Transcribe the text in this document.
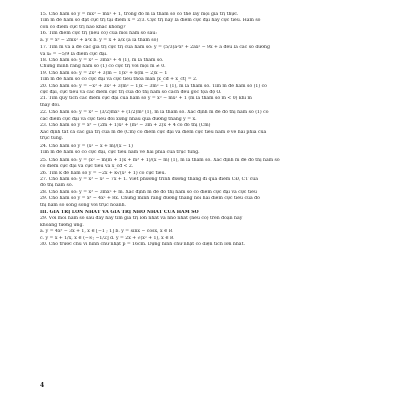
15. Cho hàm số y = mx³ − mx² + 1, trong đó m là tham số có thể lấy mọi giá trị thực.
Tìm m để hàm số đạt cực trị tại điểm x = 2/3. Cực trị này là điểm cực đại hay cực tiểu. Hàm số
còn có điểm cực trị nào khác không?
16. Tìm điểm cực trị (nếu có) của mỗi hàm số sau:
a. y = x³ − 2mx² + a²x b. y = x + a/x (a là tham số)
17. Tìm m và a để các giá trị cực trị của hàm số: y = (5/3)a²x³ + 2ax² − 9x + a đều là các số dương
và x₀ = −5/9 là điểm cực đại.
18. Cho hàm số: y = x³ − 3mx² + 4 (1), m là tham số.
Chứng minh rằng hàm số (1) có cực trị với mọi m ≠ 0.
19. Cho hàm số: y = 2x³ + 3(m − 1)x² + 6(m − 2)x − 1
Tìm m để hàm số có cực đại và cực tiểu thỏa mãn |x_cđ + x_ct| = 2.
20. Cho hàm số: y = −x³ + 3x² + 3(m² − 1)x − 3m² − 1 (1), m là tham số. Tìm m để hàm số (1) có
cực đại, cực tiểu và các điểm cực trị của đồ thị hàm số cách đều gốc tọa độ O.
21. Tìm quỹ tích các điểm cực đại của hàm số y = x³ − mx² + 1 (m là tham số m < 0) khi m
thay đổi.
22. Cho hàm số: y = x³ − (3/2)mx² + (1/2)m³ (1), m là tham số. Xác định m để đồ thị hàm số (1) có
các điểm cực đại và cực tiểu đối xứng nhau qua đường thẳng y = x.
23. Cho hàm số y = x³ − (2m + 1)x² + (m² − 3m + 2)x + 4 có đồ thị (Cm)
Xác định tất cả các giá trị của m để (Cm) có điểm cực đại và điểm cực tiểu nằm ở về hai phía của
trục tung.
24. Cho hàm số y = (x² − x + m)/(x − 1)
Tìm m để hàm số có cực đại, cực tiểu nằm về hai phía của trục tung.
25. Cho hàm số: y = (x² − m(m + 1)x + m³ + 1)/(x − m) (1), m là tham số. Xác định m để đồ thị hàm số
có điểm cực đại và cực tiểu và x_cđ < 2.
26. Tìm k để hàm số y = −2x + k√(x² + 1) có cực tiểu.
27. Cho hàm số: y = x³ − x² − 7x + 1. Viết phương trình đường thẳng đi qua điểm CĐ, CT của
đồ thị hàm số.
28. Cho hàm số: y = x³ − 3mx² + m. Xác định m để đồ thị hàm số có điểm cực đại và cực tiểu
29. Cho hàm số y = x³ − 4x² + 8x. Chứng minh rằng đường thẳng nối hai điểm cực tiểu của đồ
thị hàm số song song với trục hoành.
III. GIÁ TRỊ LỚN NHẤT VÀ GIÁ TRỊ NHỎ NHẤT CỦA HÀM SỐ
29. Với mỗi hàm số sau đây hãy tìm giá trị lớn nhất và nhỏ nhất (nếu có) trên đoạn hay
khoảng tương ứng.
a. y = 4x³ − 3x + 1, x ∈ [−1 ; 1] b. y = sinx − cosx, x ∈ R
c. y = x + 1/x, x ∈ (−∞; −1/2] d. y = 2x + √(x² + 1), x ∈ R
30. Cho trước chu vi hình chữ nhật p = 16cm. Dựng hình chữ nhật có diện tích lớn nhất.
4
